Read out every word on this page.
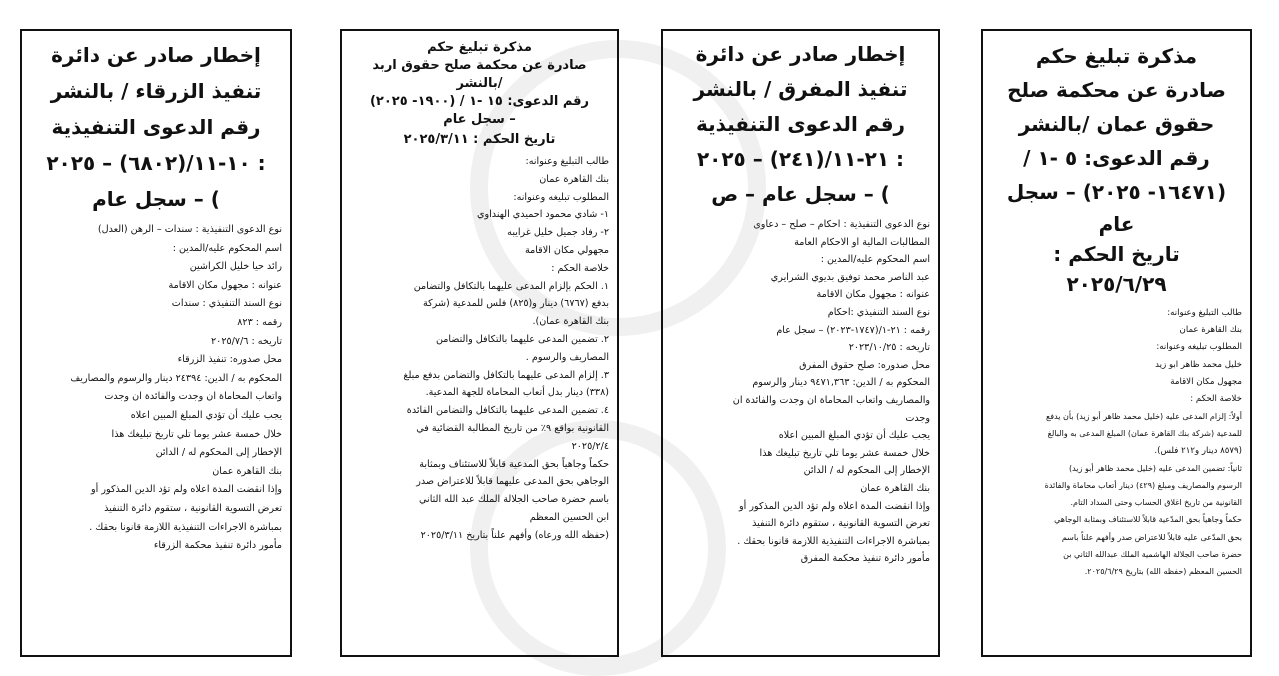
إخطار صادر عن دائرة

تنفيذ الزرقاء / بالنشر

رقم الدعوى التنفيذية

: ١٠-١١/(٦٨٠٢) – ٢٠٢٥

) – سجل عام

نوع الدعوى التنفيذية : سندات – الرهن (العدل)

اسم المحكوم عليه/المدين :

رائد حيا خليل الكراشين

عنوانه : مجهول مكان الاقامة

نوع السند التنفيذي : سندات

رقمه : ٨٢٣

تاريخه : ٢٠٢٥/٧/٦

محل صدوره: تنفيذ الزرقاء

المحكوم به / الدين: ٢٤٣٩٤ دينار والرسوم والمصاريف

واتعاب المحاماة ان وجدت والفائدة ان وجدت

يجب عليك أن تؤدي المبلغ المبين اعلاه

خلال خمسة عشر يوما تلي تاريخ تبليغك هذا

الإخطار إلى المحكوم له / الدائن

بنك القاهرة عمان

وإذا انقضت المدة اعلاه ولم تؤد الدين المذكور أو

تعرض التسوية القانونية ، ستقوم دائرة التنفيذ

بمباشرة الاجراءات التنفيذية اللازمة قانونا بحقك .

مأمور دائرة تنفيذ محكمة الزرقاء

مذكرة تبليغ حكم

صادرة عن محكمة صلح حقوق اربد

/بالنشر

رقم الدعوى: ١٥ -١ / (١٩٠٠- ٢٠٢٥)

– سجل عام

تاريخ الحكم : ٢٠٢٥/٣/١١

طالب التبليغ وعنوانه:

بنك القاهرة عمان

المطلوب تبليغه وعنوانه:

١- شادي محمود احميدي الهنداوي

٢- رفاد جميل خليل غرايبه

مجهولي مكان الاقامة

خلاصة الحكم :

١. الحكم بإلزام المدعى عليهما بالتكافل والتضامن

بدفع (٦٧٦٧) دينار و(٨٢٥) فلس للمدعية (شركة

بنك القاهرة عمان).

٢. تضمين المدعى عليهما بالتكافل والتضامن

المصاريف والرسوم .

٣. إلزام المدعى عليهما بالتكافل والتضامن بدفع مبلغ

(٣٣٨) دينار بدل أتعاب المحاماة للجهة المدعية.

٤. تضمين المدعى عليهما بالتكافل والتضامن الفائدة

القانونية بواقع ٩٪ من تاريخ المطالبة القضائية في

٢٠٢٥/٢/٤

حكماً وجاهياً بحق المدعية قابلاً للاستئناف وبمثابة

الوجاهي بحق المدعى عليهما قابلاً للاعتراض صدر

باسم حضرة صاحب الجلالة الملك عبد الله الثاني

ابن الحسين المعظم

(حفظه الله ورعاه) وأفهم علناً بتاريخ ٢٠٢٥/٣/١١

إخطار صادر عن دائرة

تنفيذ المفرق / بالنشر

رقم الدعوى التنفيذية

: ٢١-١١/(٢٤١) – ٢٠٢٥

) – سجل عام – ص

نوع الدعوى التنفيذية : احكام – صلح – دعاوى

المطالبات المالية او الاحكام العامة

اسم المحكوم عليه/المدين :

عبد الناصر محمد توفيق بديوي الشرايري

عنوانه : مجهول مكان الاقامة

نوع السند التنفيذي :احكام

رقمه : ٢١-١/(١٧٤٧-٢٠٢٣) – سجل عام

تاريخه : ٢٠٢٣/١٠/٢٥

محل صدوره: صلح حقوق المفرق

المحكوم به / الدين: ٩٤٧١,٣٦٣ دينار والرسوم

والمصاريف واتعاب المحاماة ان وجدت والفائدة ان

وجدت

يجب عليك أن تؤدي المبلغ المبين اعلاه

خلال خمسة عشر يوما تلي تاريخ تبليغك هذا

الإخطار إلى المحكوم له / الدائن

بنك القاهرة عمان

وإذا انقضت المدة اعلاه ولم تؤد الدين المذكور أو

تعرض التسوية القانونية ، ستقوم دائرة التنفيذ

بمباشرة الاجراءات التنفيذية اللازمة قانونا بحقك .

مأمور دائرة تنفيذ محكمة المفرق

مذكرة تبليغ حكم

صادرة عن محكمة صلح

حقوق عمان /بالنشر

رقم الدعوى: ٥ -١ /

(١٦٤٧١- ٢٠٢٥) – سجل

عام

تاريخ الحكم :

٢٠٢٥/٦/٢٩

طالب التبليغ وعنوانه:

بنك القاهرة عمان

المطلوب تبليغه وعنوانه:

خليل محمد ظاهر ابو زيد

مجهول مكان الاقامة

خلاصة الحكم :

أولاً: إلزام المدعى عليه (خليل محمد ظاهر أبو زيد) بأن يدفع

للمدعية (شركة بنك القاهرة عمان) المبلغ المدعى به والبالغ

(٨٥٧٩ دينار و٢١٢ فلس).

ثانياً: تضمين المدعى عليه (خليل محمد ظاهر أبو زيد)

الرسوم والمصاريف ومبلغ (٤٢٩) دينار أتعاب محاماة والفائدة

القانونية من تاريخ اغلاق الحساب وحتى السداد التام.

حكماً وجاهياً بحق المدّعية قابلاً للاستئناف وبمثابة الوجاهي

بحق المدّعى عليه قابلاً للاعتراض صدر وأفهم علناً باسم

حضرة صاحب الجلالة الهاشمية الملك عبدالله الثاني بن

الحسين المعظم (حفظه الله) بتاريخ ٢٠٢٥/٦/٢٩.
